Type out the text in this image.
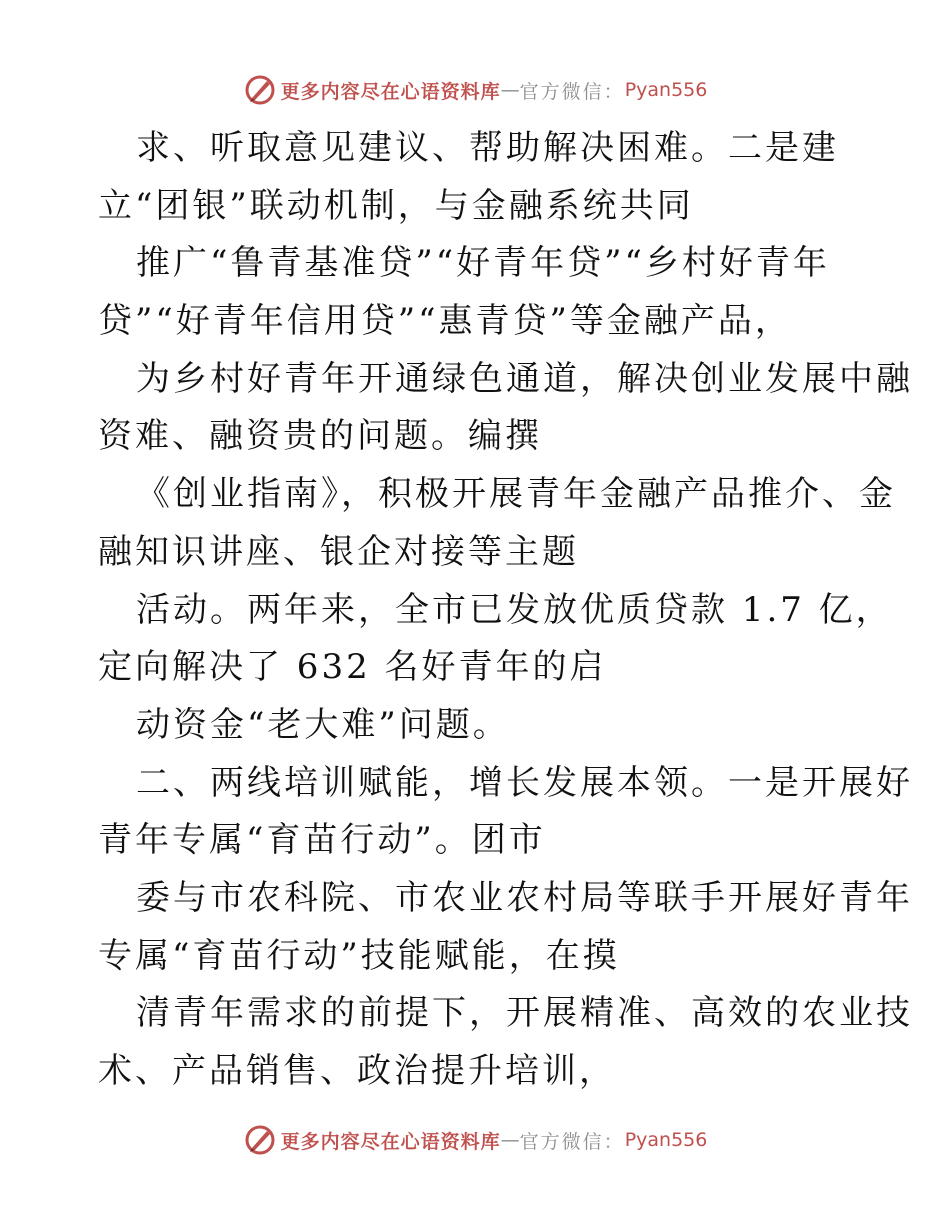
更多内容尽在心语资料库 — 官方微信： Pyan556
求、听取意见建议、帮助解决困难。二是建
立“团银”联动机制，与金融系统共同
推广“鲁青基准贷”“好青年贷”“乡村好青年
贷”“好青年信用贷”“惠青贷”等金融产品，
为乡村好青年开通绿色通道，解决创业发展中融
资难、融资贵的问题。编撰
《创业指南》，积极开展青年金融产品推介、金
融知识讲座、银企对接等主题
活动。两年来，全市已发放优质贷款 1.7 亿，
定向解决了 632 名好青年的启
动资金“老大难”问题。
二、两线培训赋能，增长发展本领。一是开展好
青年专属“育苗行动”。团市
委与市农科院、市农业农村局等联手开展好青年
专属“育苗行动”技能赋能，在摸
清青年需求的前提下，开展精准、高效的农业技
术、产品销售、政治提升培训，
更多内容尽在心语资料库 — 官方微信： Pyan556
